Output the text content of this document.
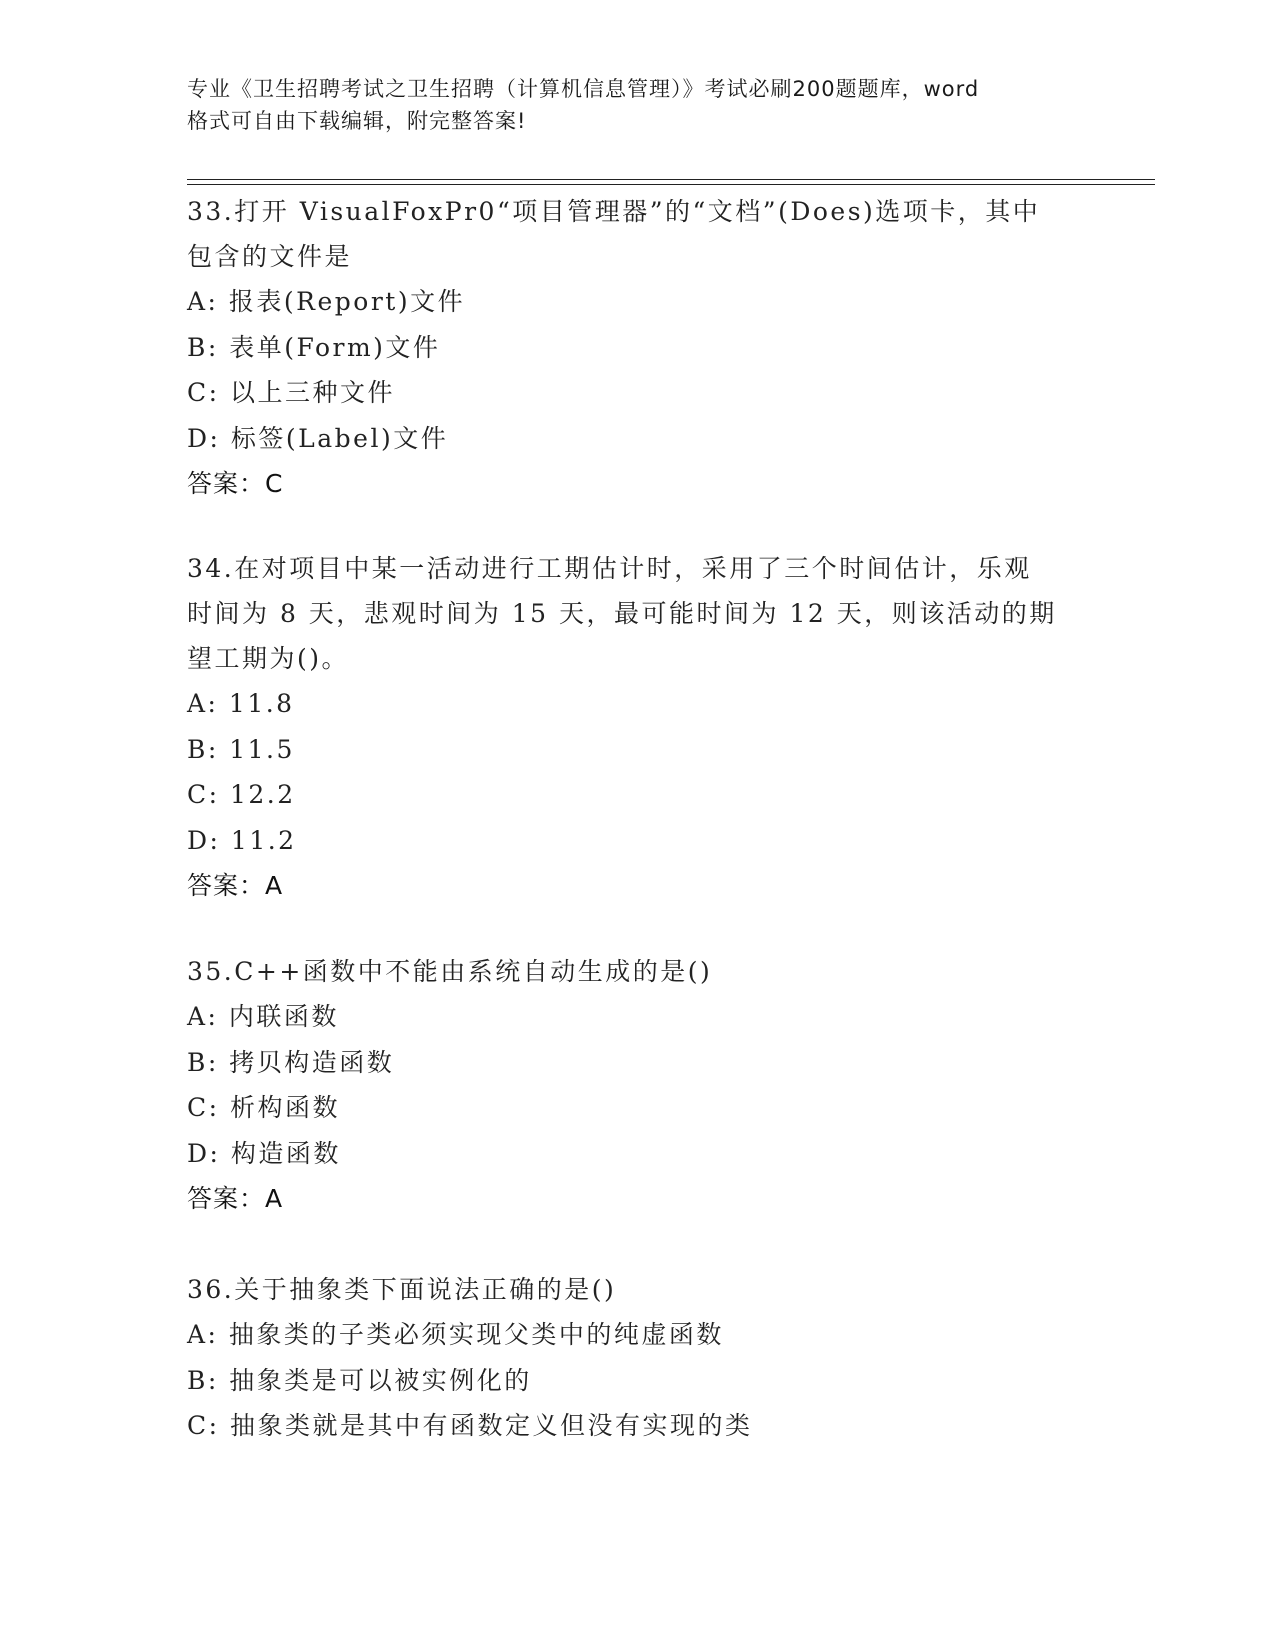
专业《卫生招聘考试之卫生招聘（计算机信息管理）》考试必刷200题题库，word
格式可自由下载编辑，附完整答案!
33.打开 VisualFoxPr0“项目管理器”的“文档”(Does)选项卡，其中
包含的文件是
A: 报表(Report)文件
B: 表单(Form)文件
C: 以上三种文件
D: 标签(Label)文件
答案：C
34.在对项目中某一活动进行工期估计时，采用了三个时间估计，乐观
时间为 8 天，悲观时间为 15 天，最可能时间为 12 天，则该活动的期
望工期为()。
A: 11.8
B: 11.5
C: 12.2
D: 11.2
答案：A
35.C++函数中不能由系统自动生成的是()
A: 内联函数
B: 拷贝构造函数
C: 析构函数
D: 构造函数
答案：A
36.关于抽象类下面说法正确的是()
A: 抽象类的子类必须实现父类中的纯虚函数
B: 抽象类是可以被实例化的
C: 抽象类就是其中有函数定义但没有实现的类
